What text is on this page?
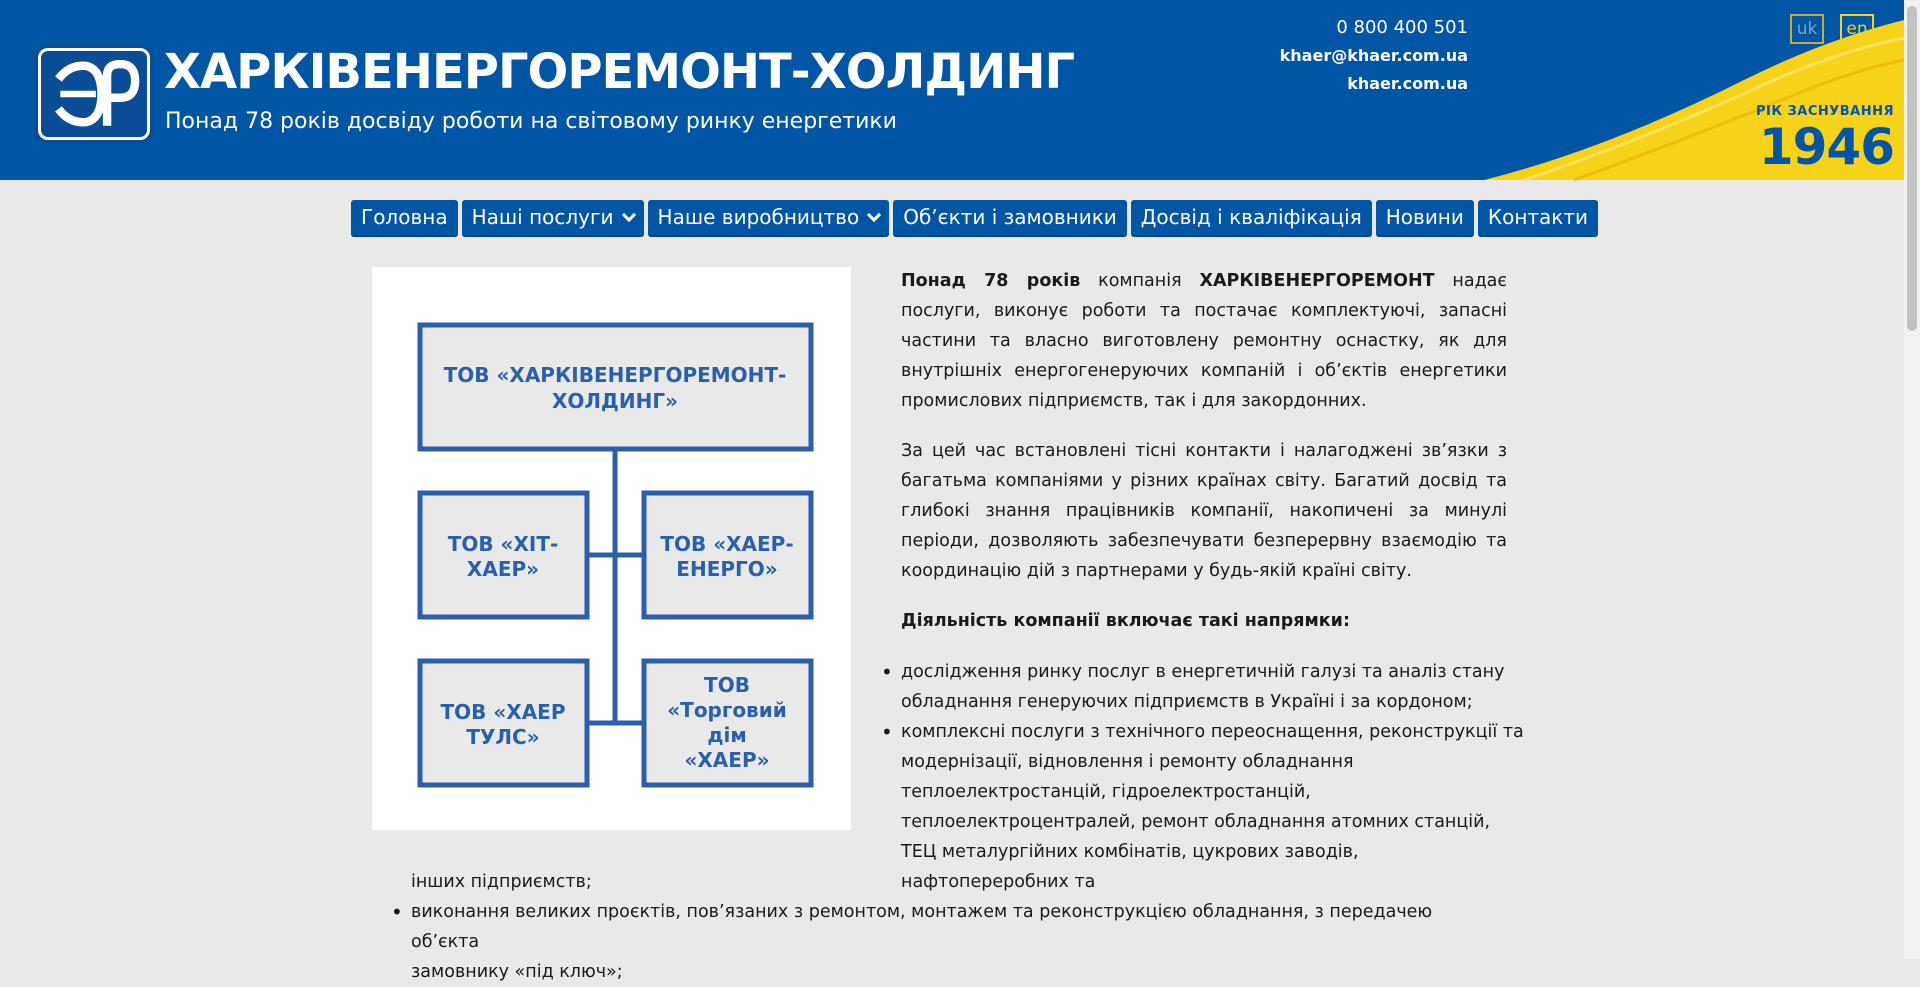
ХАРКІВЕНЕРГОРЕМОНТ-ХОЛДИНГ
Понад 78 років досвіду роботи на світовому ринку енергетики
0 800 400 501
khaer@khaer.com.ua
khaer.com.ua
uk	en
РІК ЗАСНУВАННЯ
1946
Головна Наші послуги Наше виробництво Об’єкти і замовники Досвід і кваліфікація Новини Контакти
ТОВ «ХАРКІВЕНЕРГОРЕМОНТ-
ХОЛДИНГ»
ТОВ «ХІТ-
ХАЕР»
ТОВ «ХАЕР-
ЕНЕРГО»
ТОВ «ХАЕР
ТУЛС»
ТОВ
«Торговий
дім
«ХАЕР»

Понад 78 років компанія ХАРКІВЕНЕРГОРЕМОНТ надає послуги, виконує роботи та постачає комплектуючі, запасні частини та власно виготовлену ремонтну оснастку, як для внутрішніх енергогенеруючих компаній і об’єктів енергетики промислових підприємств, так і для закордонних.

За цей час встановлені тісні контакти і налагоджені зв’язки з багатьма компаніями у різних країнах світу. Багатий досвід та глибокі знання працівників компанії, накопичені за минулі періоди, дозволяють забезпечувати безперервну взаємодію та координацію дій з партнерами у будь-якій країні світу.

Діяльність компанії включає такі напрямки:

• дослідження ринку послуг в енергетичній галузі та аналіз стану обладнання генеруючих підприємств в Україні і за кордоном;
• комплексні послуги з технічного переоснащення, реконструкції та модернізації, відновлення і ремонту обладнання теплоелектростанцій, гідроелектростанцій, теплоелектроцентралей, ремонт обладнання атомних станцій, ТЕЦ металургійних комбінатів, цукрових заводів, нафтопереробних та
інших підприємств;
• виконання великих проєктів, пов’язаних з ремонтом, монтажем та реконструкцією обладнання, з передачею об’єкта
замовнику «під ключ»;
